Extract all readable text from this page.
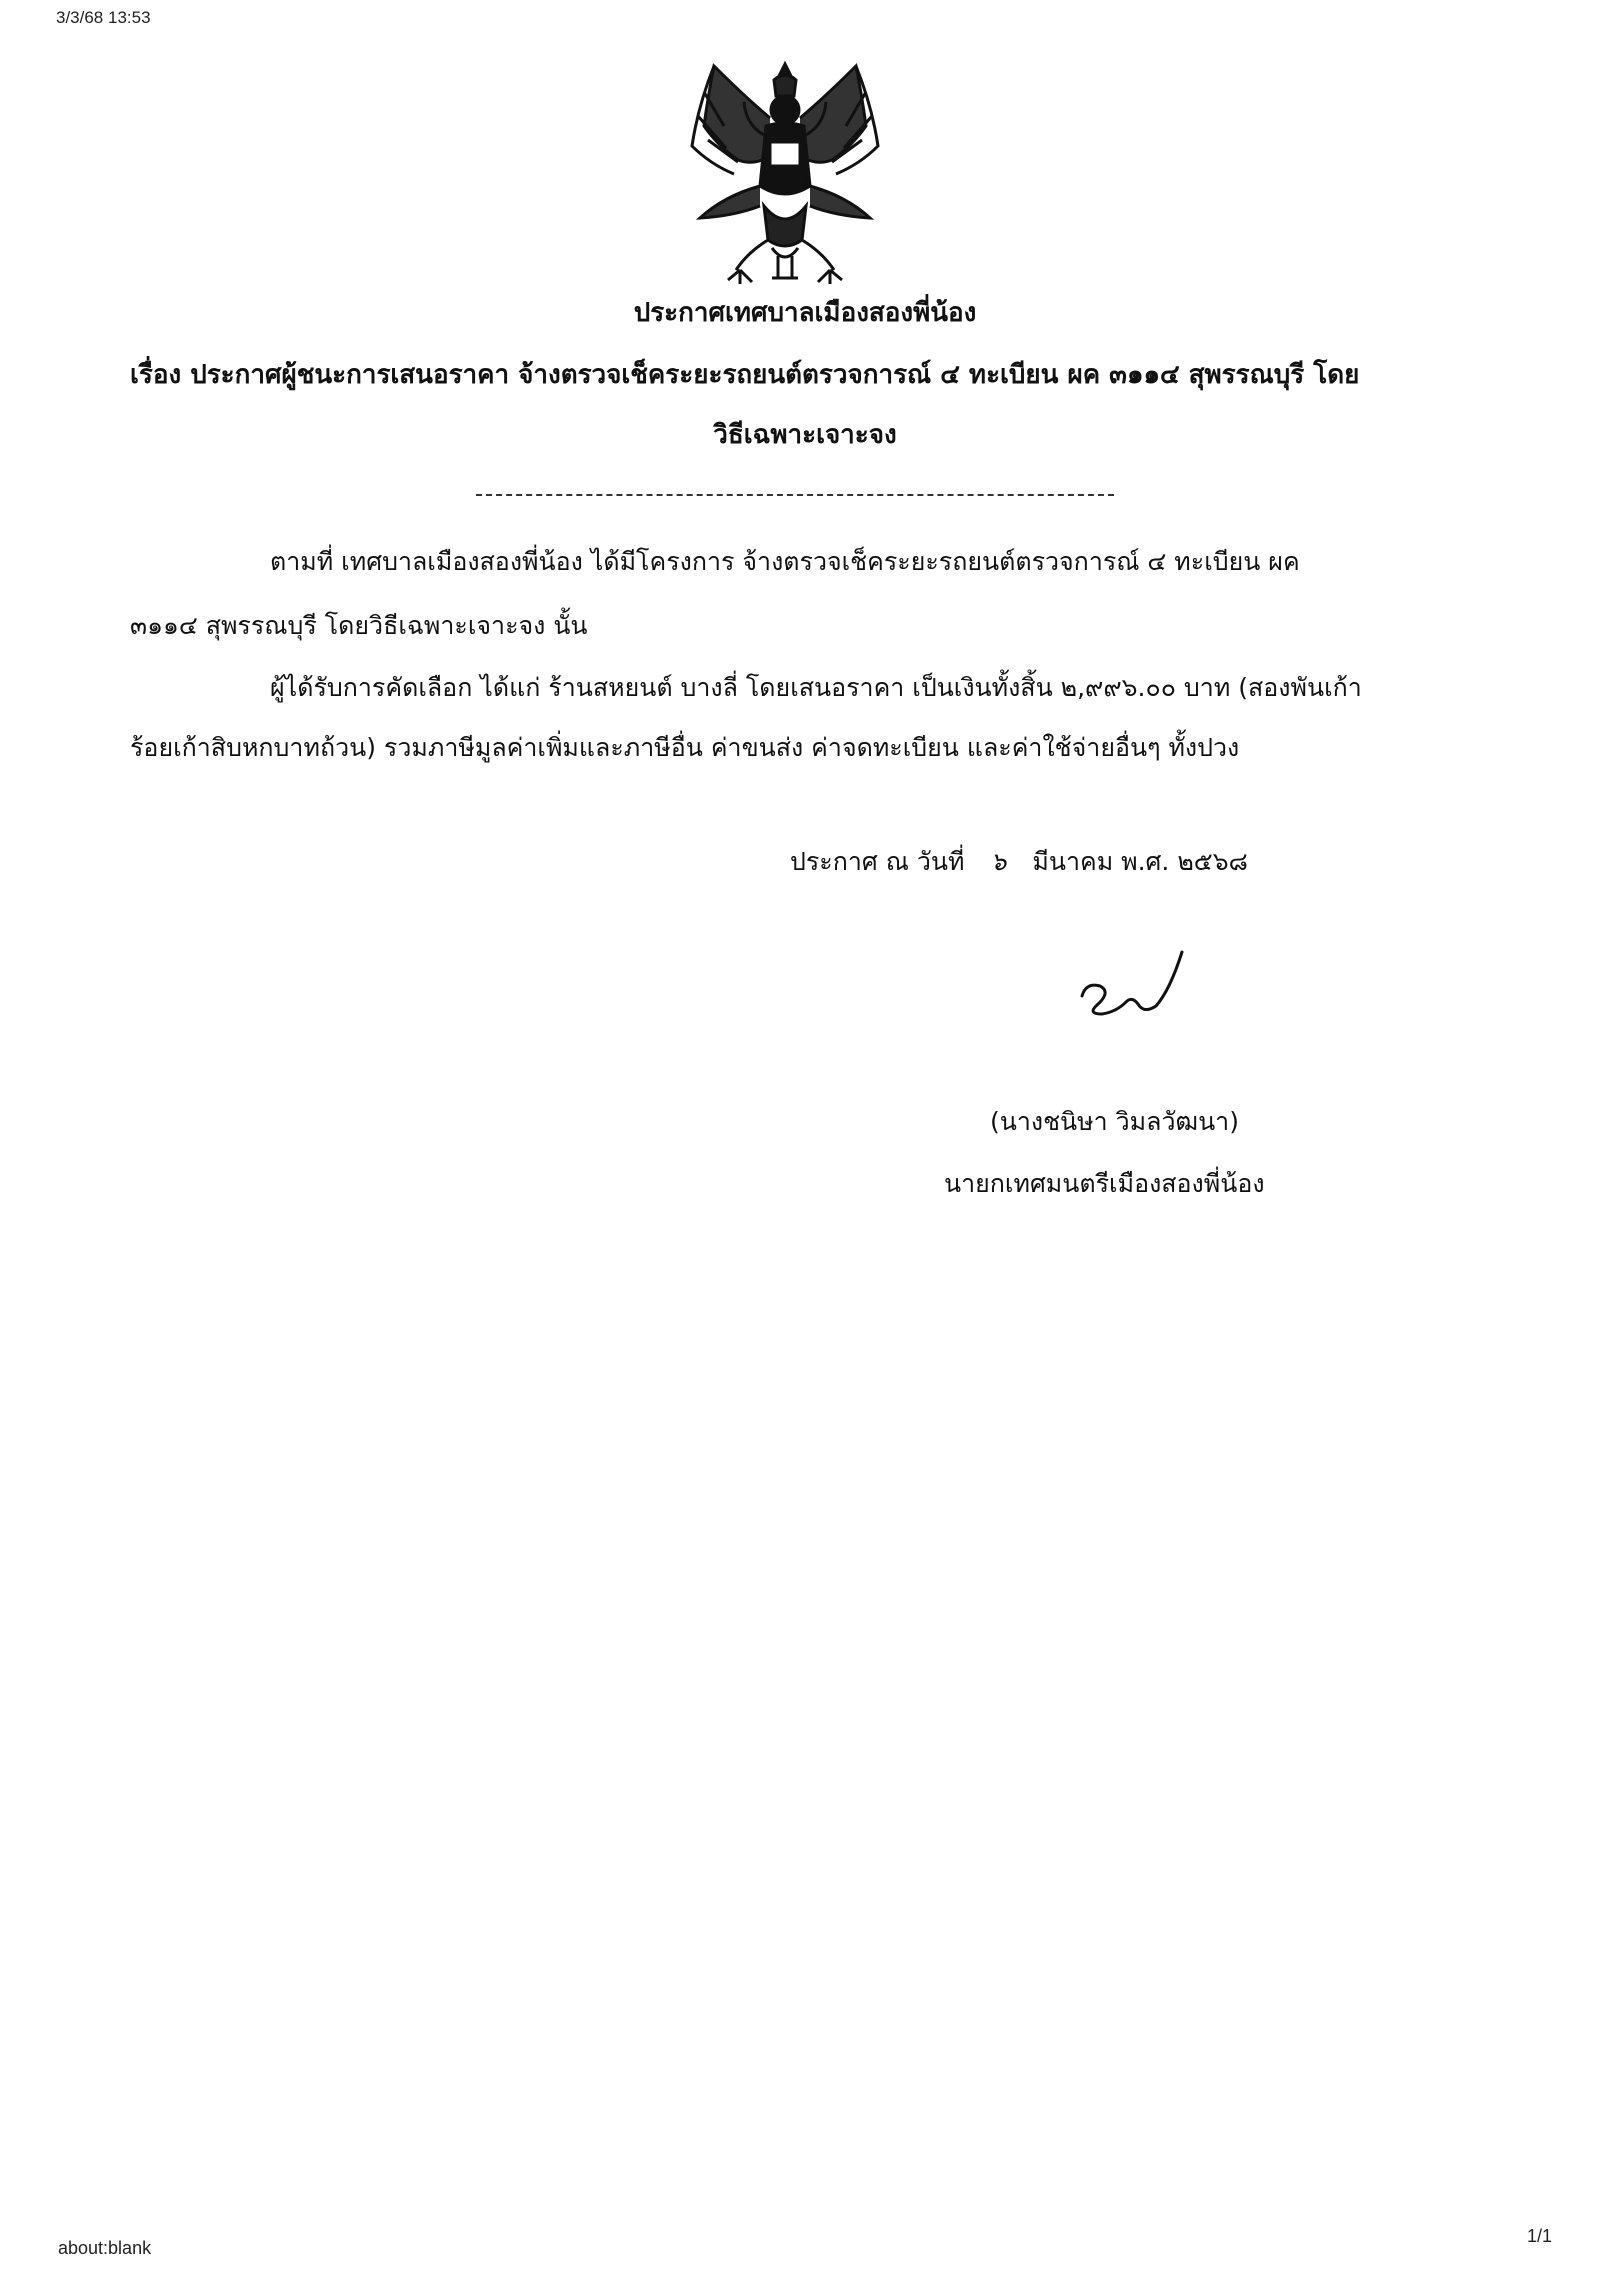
3/3/68 13:53
ประกาศเทศบาลเมืองสองพี่น้อง
เรื่อง ประกาศผู้ชนะการเสนอราคา จ้างตรวจเช็คระยะรถยนต์ตรวจการณ์ ๔ ทะเบียน ผค ๓๑๑๔ สุพรรณบุรี โดย
วิธีเฉพาะเจาะจง
ตามที่ เทศบาลเมืองสองพี่น้อง ได้มีโครงการ จ้างตรวจเช็คระยะรถยนต์ตรวจการณ์ ๔ ทะเบียน ผค
๓๑๑๔ สุพรรณบุรี โดยวิธีเฉพาะเจาะจง นั้น
ผู้ได้รับการคัดเลือก ได้แก่ ร้านสหยนต์ บางลี่ โดยเสนอราคา เป็นเงินทั้งสิ้น ๒,๙๙๖.๐๐ บาท (สองพันเก้า
ร้อยเก้าสิบหกบาทถ้วน) รวมภาษีมูลค่าเพิ่มและภาษีอื่น ค่าขนส่ง ค่าจดทะเบียน และค่าใช้จ่ายอื่นๆ ทั้งปวง
ประกาศ ณ วันที่ ๖ มีนาคม พ.ศ. ๒๕๖๘
(นางชนิษา วิมลวัฒนา)
นายกเทศมนตรีเมืองสองพี่น้อง
about:blank
1/1
